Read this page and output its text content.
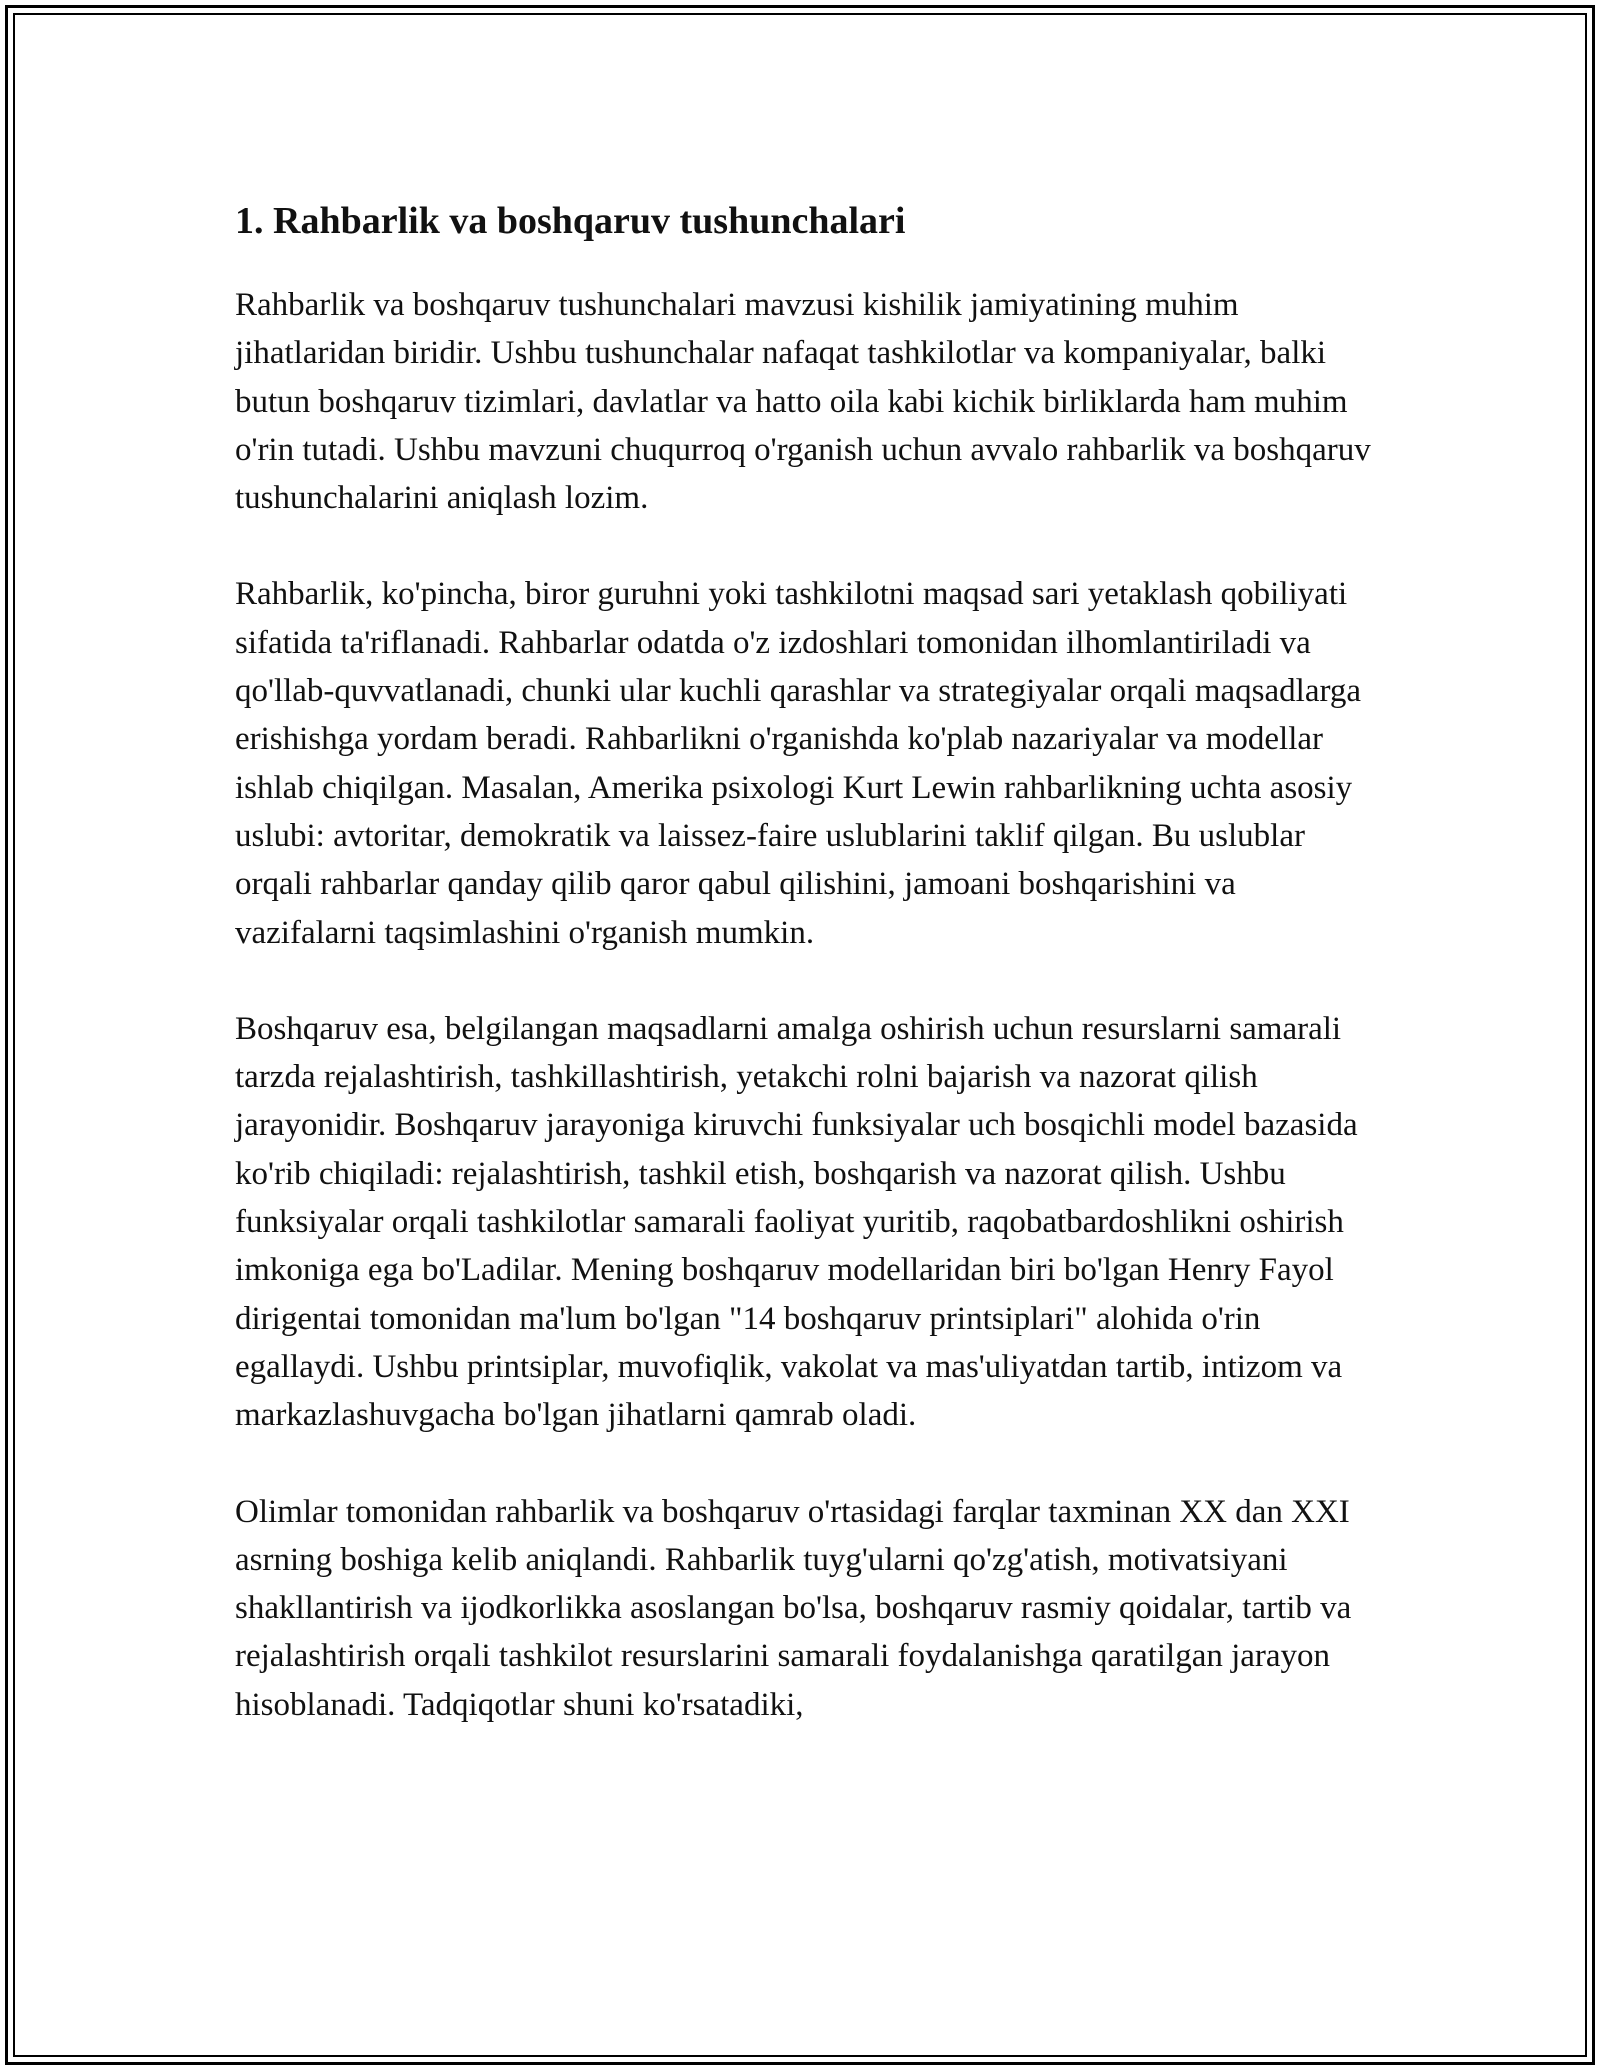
1. Rahbarlik va boshqaruv tushunchalari

Rahbarlik va boshqaruv tushunchalari mavzusi kishilik jamiyatining muhim jihatlaridan biridir. Ushbu tushunchalar nafaqat tashkilotlar va kompaniyalar, balki butun boshqaruv tizimlari, davlatlar va hatto oila kabi kichik birliklarda ham muhim o'rin tutadi. Ushbu mavzuni chuqurroq o'rganish uchun avvalo rahbarlik va boshqaruv tushunchalarini aniqlash lozim.

Rahbarlik, ko'pincha, biror guruhni yoki tashkilotni maqsad sari yetaklash qobiliyati sifatida ta'riflanadi. Rahbarlar odatda o'z izdoshlari tomonidan ilhomlantiriladi va qo'llab-quvvatlanadi, chunki ular kuchli qarashlar va strategiyalar orqali maqsadlarga erishishga yordam beradi. Rahbarlikni o'rganishda ko'plab nazariyalar va modellar ishlab chiqilgan. Masalan, Amerika psixologi Kurt Lewin rahbarlikning uchta asosiy uslubi: avtoritar, demokratik va laissez-faire uslublarini taklif qilgan. Bu uslublar orqali rahbarlar qanday qilib qaror qabul qilishini, jamoani boshqarishini va vazifalarni taqsimlashini o'rganish mumkin.

Boshqaruv esa, belgilangan maqsadlarni amalga oshirish uchun resurslarni samarali tarzda rejalashtirish, tashkillashtirish, yetakchi rolni bajarish va nazorat qilish jarayonidir. Boshqaruv jarayoniga kiruvchi funksiyalar uch bosqichli model bazasida ko'rib chiqiladi: rejalashtirish, tashkil etish, boshqarish va nazorat qilish. Ushbu funksiyalar orqali tashkilotlar samarali faoliyat yuritib, raqobatbardoshlikni oshirish imkoniga ega bo'Ladilar. Mening boshqaruv modellaridan biri bo'lgan Henry Fayol dirigentai tomonidan ma'lum bo'lgan "14 boshqaruv printsiplari" alohida o'rin egallaydi. Ushbu printsiplar, muvofiqlik, vakolat va mas'uliyatdan tartib, intizom va markazlashuvgacha bo'lgan jihatlarni qamrab oladi.

Olimlar tomonidan rahbarlik va boshqaruv o'rtasidagi farqlar taxminan XX dan XXI asrning boshiga kelib aniqlandi. Rahbarlik tuyg'ularni qo'zg'atish, motivatsiyani shakllantirish va ijodkorlikka asoslangan bo'lsa, boshqaruv rasmiy qoidalar, tartib va rejalashtirish orqali tashkilot resurslarini samarali foydalanishga qaratilgan jarayon hisoblanadi. Tadqiqotlar shuni ko'rsatadiki,
